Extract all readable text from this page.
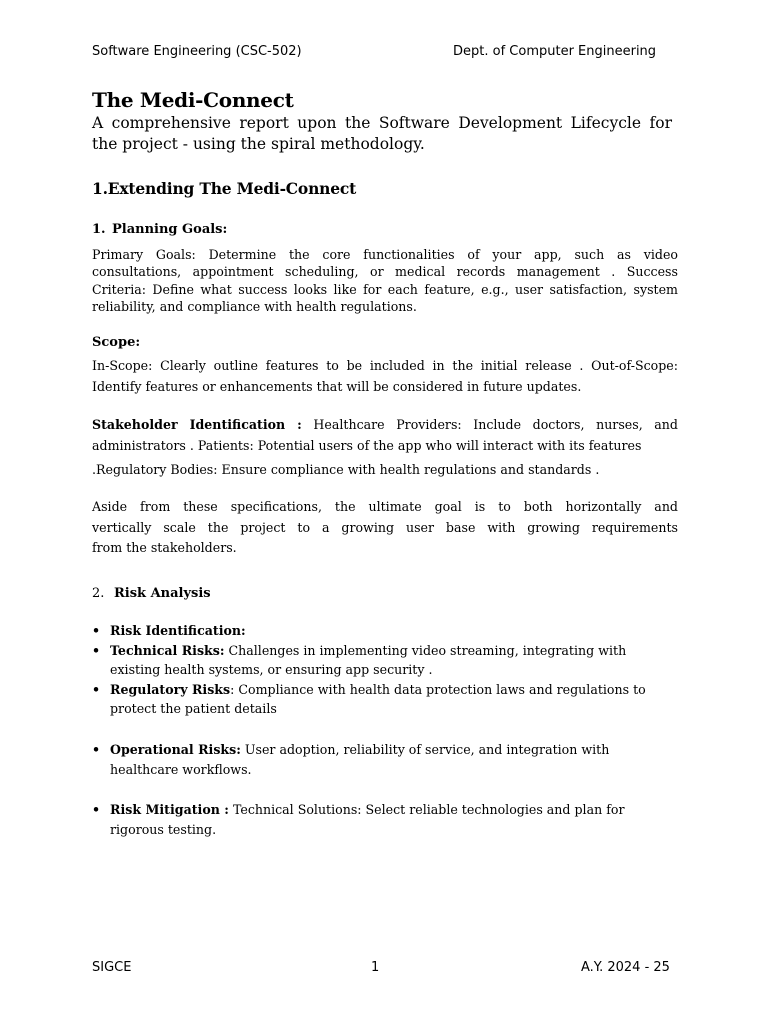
Software Engineering (CSC-502)	Dept. of Computer Engineering
The Medi-Connect
A comprehensive report upon the Software Development Lifecycle for the project - using the spiral methodology.
1.Extending The Medi-Connect
1. Planning Goals:
Primary Goals: Determine the core functionalities of your app, such as video
consultations, appointment scheduling, or medical records management . Success
Criteria: Define what success looks like for each feature, e.g., user satisfaction, system
reliability, and compliance with health regulations.
Scope:
In-Scope: Clearly outline features to be included in the initial release . Out-of-Scope:
Identify features or enhancements that will be considered in future updates.
Stakeholder Identification : Healthcare Providers: Include doctors, nurses, and
administrators . Patients: Potential users of the app who will interact with its features
.Regulatory Bodies: Ensure compliance with health regulations and standards .
Aside from these specifications, the ultimate goal is to both horizontally and
vertically scale the project to a growing user base with growing requirements
from the stakeholders.
2. Risk Analysis
• Risk Identification:
• Technical Risks: Challenges in implementing video streaming, integrating with existing health systems, or ensuring app security .
• Regulatory Risks: Compliance with health data protection laws and regulations to protect the patient details
• Operational Risks: User adoption, reliability of service, and integration with healthcare workflows.
• Risk Mitigation : Technical Solutions: Select reliable technologies and plan for rigorous testing.
SIGCE	1	A.Y. 2024 - 25
